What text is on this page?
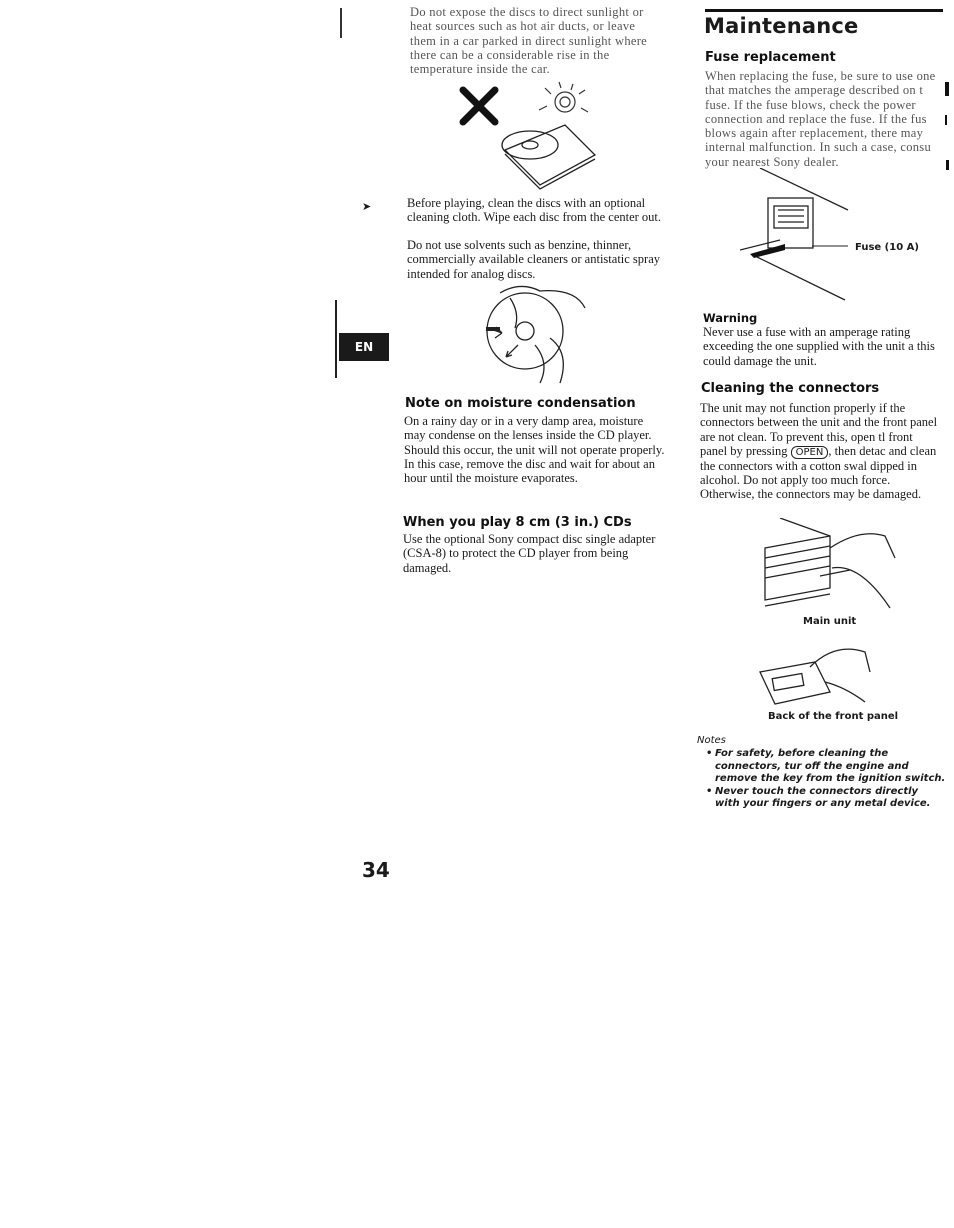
EN

Do not expose the discs to direct sunlight or heat sources such as hot air ducts, or leave them in a car parked in direct sunlight where there can be a considerable rise in the temperature inside the car.

➤	Before playing, clean the discs with an optional cleaning cloth. Wipe each disc from the center out.

Do not use solvents such as benzine, thinner, commercially available cleaners or antistatic spray intended for analog discs.

Note on moisture condensation

On a rainy day or in a very damp area, moisture may condense on the lenses inside the CD player. Should this occur, the unit will not operate properly. In this case, remove the disc and wait for about an hour until the moisture evaporates.

When you play 8 cm (3 in.) CDs

Use the optional Sony compact disc single adapter (CSA-8) to protect the CD player from being damaged.

Maintenance
Fuse replacement

When replacing the fuse, be sure to use one that matches the amperage described on t fuse. If the fuse blows, check the power connection and replace the fuse. If the fus blows again after replacement, there may internal malfunction. In such a case, consu your nearest Sony dealer.

Fuse (10 A)
Warning

Never use a fuse with an amperage rating exceeding the one supplied with the unit a this could damage the unit.

Cleaning the connectors

The unit may not function properly if the connectors between the unit and the front panel are not clean. To prevent this, open tl front panel by pressing OPEN , then detac and clean the connectors with a cotton swal dipped in alcohol. Do not apply too much force. Otherwise, the connectors may be damaged.

Main unit
Back of the front panel
Notes
• For safety, before cleaning the connectors, tur off the engine and remove the key from the ignition switch.
• Never touch the connectors directly with your fingers or any metal device.
34
